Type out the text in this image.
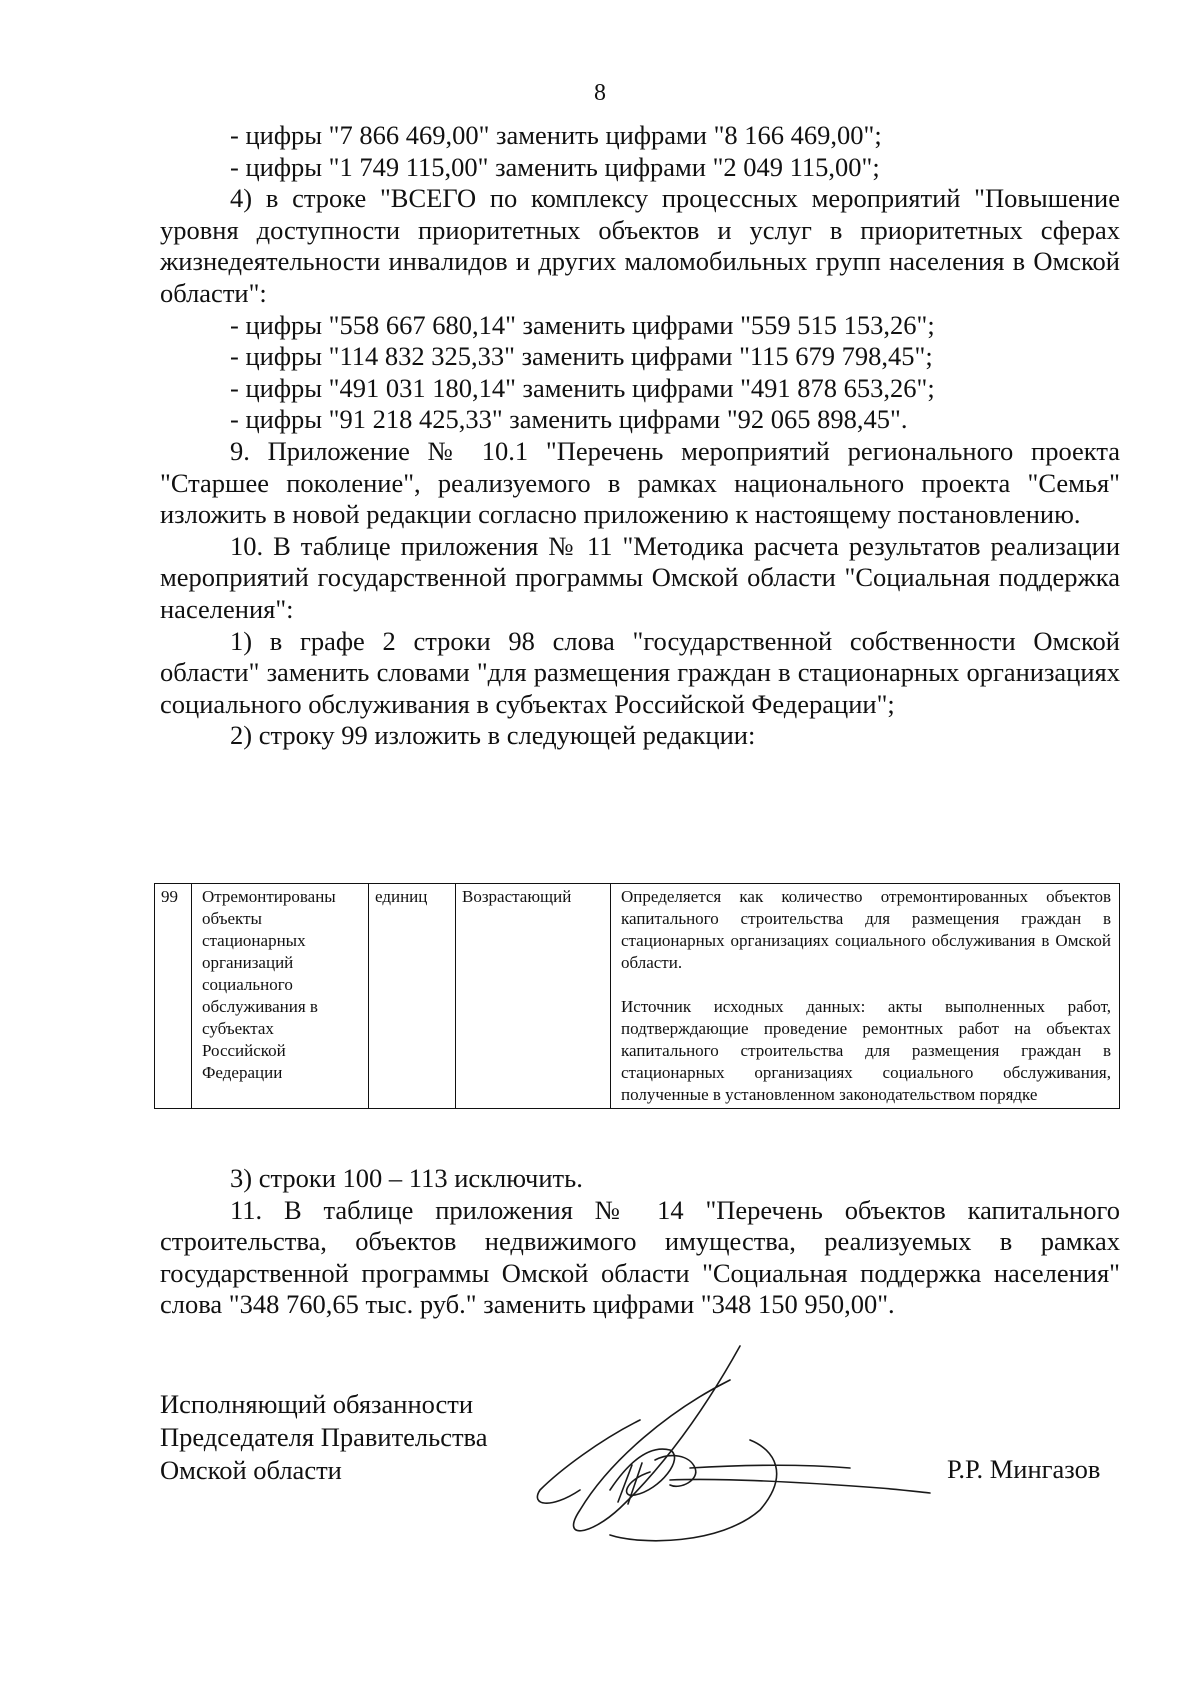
8

- цифры "7 866 469,00" заменить цифрами "8 166 469,00";

- цифры "1 749 115,00" заменить цифрами "2 049 115,00";

4) в строке "ВСЕГО по комплексу процессных мероприятий "Повышение уровня доступности приоритетных объектов и услуг в приоритетных сферах жизнедеятельности инвалидов и других маломобильных групп населения в Омской области":

- цифры "558 667 680,14" заменить цифрами "559 515 153,26";

- цифры "114 832 325,33" заменить цифрами "115 679 798,45";

- цифры "491 031 180,14" заменить цифрами "491 878 653,26";

- цифры "91 218 425,33" заменить цифрами "92 065 898,45".

9. Приложение № 10.1 "Перечень мероприятий регионального проекта "Старшее поколение", реализуемого в рамках национального проекта "Семья" изложить в новой редакции согласно приложению к настоящему постановлению.

10. В таблице приложения № 11 "Методика расчета результатов реализации мероприятий государственной программы Омской области "Социальная поддержка населения":

1) в графе 2 строки 98 слова "государственной собственности Омской области" заменить словами "для размещения граждан в стационарных организациях социального обслуживания в субъектах Российской Федерации";

2) строку 99 изложить в следующей редакции:

99	Отремонтированы объекты стационарных организаций социального обслуживания в субъектах Российской Федерации	единиц	Возрастающий	Определяется как количество отремонтированных объектов капитального строительства для размещения граждан в стационарных организациях социального обслуживания в Омской области.

Источник исходных данных: акты выполненных работ, подтверждающие проведение ремонтных работ на объектах капитального строительства для размещения граждан в стационарных организациях социального обслуживания, полученные в установленном законодательством порядке

3) строки 100 – 113 исключить.

11. В таблице приложения № 14 "Перечень объектов капитального строительства, объектов недвижимого имущества, реализуемых в рамках государственной программы Омской области "Социальная поддержка населения" слова "348 760,65 тыс. руб." заменить цифрами "348 150 950,00".

Исполняющий обязанности
Председателя Правительства
Омской области	Р.Р. Мингазов
